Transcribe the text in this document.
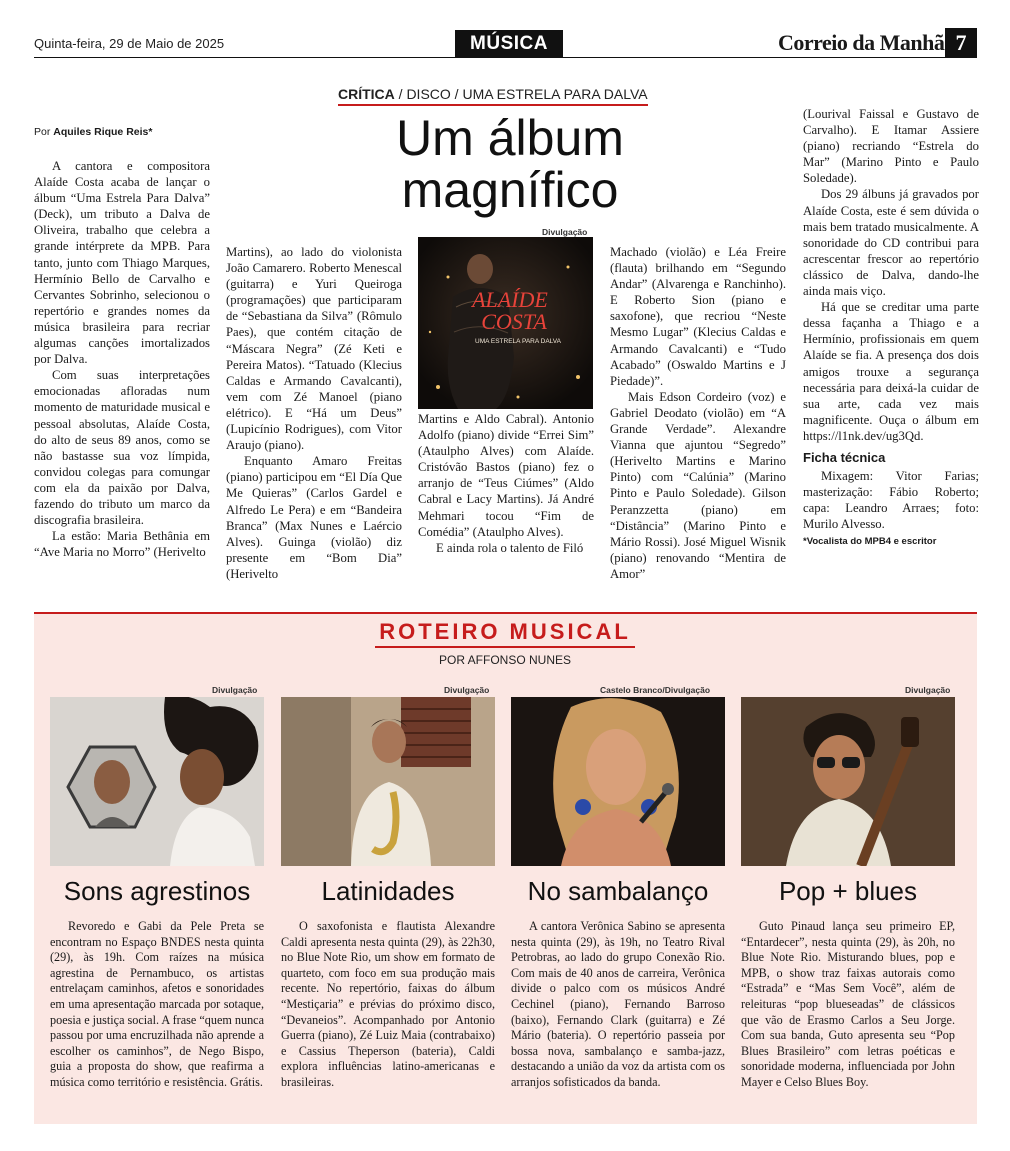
Quinta-feira, 29 de Maio de 2025	MÚSICA	Correio da Manhã 7
CRÍTICA / DISCO / UMA ESTRELA PARA DALVA
Um álbum magnífico
Por Aquiles Rique Reis*

A cantora e compositora Alaíde Costa acaba de lançar o álbum “Uma Estrela Para Dalva” (Deck), um tributo a Dalva de Oliveira, trabalho que celebra a grande intérprete da MPB. Para tanto, junto com Thiago Marques, Hermínio Bello de Carvalho e Cervantes Sobrinho, selecionou o repertório e grandes nomes da música brasileira para recriar algumas canções imortalizados por Dalva.

Com suas interpretações emocionadas afloradas num momento de maturidade musical e pessoal absolutas, Alaíde Costa, do alto de seus 89 anos, como se não bastasse sua voz límpida, convidou colegas para comungar com ela da paixão por Dalva, fazendo do tributo um marco da discografia brasileira.

La estão: Maria Bethânia em “Ave Maria no Morro” (Herivelto

Martins), ao lado do violonista João Camarero. Roberto Menescal (guitarra) e Yuri Queiroga (programações) que participaram de “Sebastiana da Silva” (Rômulo Paes), que contém citação de “Máscara Negra” (Zé Keti e Pereira Matos). “Tatuado (Klecius Caldas e Armando Cavalcanti), vem com Zé Manoel (piano elétrico). E “Há um Deus” (Lupicínio Rodrigues), com Vitor Araujo (piano).

Enquanto Amaro Freitas (piano) participou em “El Día Que Me Quieras” (Carlos Gardel e Alfredo Le Pera) e em “Bandeira Branca” (Max Nunes e Laércio Alves). Guinga (violão) diz presente em “Bom Dia” (Herivelto

Divulgação
ALAÍDE
COSTA
UMA ESTRELA PARA DALVA

Martins e Aldo Cabral). Antonio Adolfo (piano) divide “Errei Sim” (Ataulpho Alves) com Alaíde. Cristóvão Bastos (piano) fez o arranjo de “Teus Ciúmes” (Aldo Cabral e Lacy Martins). Já André Mehmari tocou “Fim de Comédia” (Ataulpho Alves).

E ainda rola o talento de Filó

Machado (violão) e Léa Freire (flauta) brilhando em “Segundo Andar” (Alvarenga e Ranchinho). E Roberto Sion (piano e saxofone), que recriou “Neste Mesmo Lugar” (Klecius Caldas e Armando Cavalcanti) e “Tudo Acabado” (Oswaldo Martins e J Piedade)”.

Mais Edson Cordeiro (voz) e Gabriel Deodato (violão) em “A Grande Verdade”. Alexandre Vianna que ajuntou “Segredo” (Herivelto Martins e Marino Pinto) com “Calúnia” (Marino Pinto e Paulo Soledade). Gilson Peranzzetta (piano) em “Distância” (Marino Pinto e Mário Rossi). José Miguel Wisnik (piano) renovando “Mentira de Amor”

(Lourival Faissal e Gustavo de Carvalho). E Itamar Assiere (piano) recriando “Estrela do Mar” (Marino Pinto e Paulo Soledade).

Dos 29 álbuns já gravados por Alaíde Costa, este é sem dúvida o mais bem tratado musicalmente. A sonoridade do CD contribui para acrescentar frescor ao repertório clássico de Dalva, dando-lhe ainda mais viço.

Há que se creditar uma parte dessa façanha a Thiago e a Hermínio, profissionais em quem Alaíde se fia. A presença dos dois amigos trouxe a segurança necessária para deixá-la cuidar de sua arte, cada vez mais magnificente. Ouça o álbum em https://l1nk.dev/ug3Qd.

Ficha técnica

Mixagem: Vitor Farias; masterização: Fábio Roberto; capa: Leandro Arraes; foto: Murilo Alvesso.

*Vocalista do MPB4 e escritor

ROTEIRO MUSICAL
POR AFFONSO NUNES
Divulgação
Sons agrestinos

Revoredo e Gabi da Pele Preta se encontram no Espaço BNDES nesta quinta (29), às 19h. Com raízes na música agrestina de Pernambuco, os artistas entrelaçam caminhos, afetos e sonoridades em uma apresentação marcada por sotaque, poesia e justiça social. A frase “quem nunca passou por uma encruzilhada não aprende a escolher os caminhos”, de Nego Bispo, guia a proposta do show, que reafirma a música como território e resistência. Grátis.

Divulgação
Latinidades

O saxofonista e flautista Alexandre Caldi apresenta nesta quinta (29), às 22h30, no Blue Note Rio, um show em formato de quarteto, com foco em sua produção mais recente. No repertório, faixas do álbum “Mestiçaria” e prévias do próximo disco, “Devaneios”. Acompanhado por Antonio Guerra (piano), Zé Luiz Maia (contrabaixo) e Cassius Theperson (bateria), Caldi explora influências latino-americanas e brasileiras.

Castelo Branco/Divulgação
No sambalanço

A cantora Verônica Sabino se apresenta nesta quinta (29), às 19h, no Teatro Rival Petrobras, ao lado do grupo Conexão Rio. Com mais de 40 anos de carreira, Verônica divide o palco com os músicos André Cechinel (piano), Fernando Barroso (baixo), Fernando Clark (guitarra) e Zé Mário (bateria). O repertório passeia por bossa nova, sambalanço e samba-jazz, destacando a união da voz da artista com os arranjos sofisticados da banda.

Divulgação
Pop + blues

Guto Pinaud lança seu primeiro EP, “Entardecer”, nesta quinta (29), às 20h, no Blue Note Rio. Misturando blues, pop e MPB, o show traz faixas autorais como “Estrada” e “Mas Sem Você”, além de releituras “pop blueseadas” de clássicos que vão de Erasmo Carlos a Seu Jorge. Com sua banda, Guto apresenta seu “Pop Blues Brasileiro” com letras poéticas e sonoridade moderna, influenciada por John Mayer e Celso Blues Boy.
